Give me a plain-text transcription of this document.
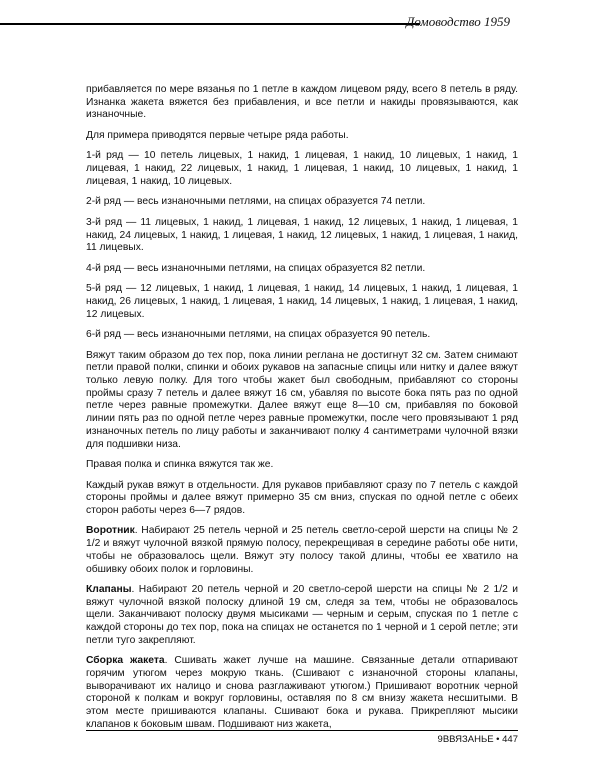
Домоводство 1959

прибавляется по мере вязанья по 1 петле в каждом лицевом ряду, всего 8 петель в ряду. Изнанка жакета вяжется без прибавления, и все петли и накиды провязываются, как изнаночные.

Для примера приводятся первые четыре ряда работы.

1-й ряд — 10 петель лицевых, 1 накид, 1 лицевая, 1 накид, 10 лицевых, 1 накид, 1 лицевая, 1 накид, 22 лицевых, 1 накид, 1 лицевая, 1 накид, 10 лицевых, 1 накид, 1 лицевая, 1 накид, 10 лицевых.

2-й ряд — весь изнаночными петлями, на спицах образуется 74 петли.

3-й ряд — 11 лицевых, 1 накид, 1 лицевая, 1 накид, 12 лицевых, 1 накид, 1 лицевая, 1 накид, 24 лицевых, 1 накид, 1 лицевая, 1 накид, 12 лицевых, 1 накид, 1 лицевая, 1 накид, 11 лицевых.

4-й ряд — весь изнаночными петлями, на спицах образуется 82 петли.

5-й ряд — 12 лицевых, 1 накид, 1 лицевая, 1 накид, 14 лицевых, 1 накид, 1 лицевая, 1 накид, 26 лицевых, 1 накид, 1 лицевая, 1 накид, 14 лицевых, 1 накид, 1 лицевая, 1 накид, 12 лицевых.

6-й ряд — весь изнаночными петлями, на спицах образуется 90 петель.

Вяжут таким образом до тех пор, пока линии реглана не достигнут 32 см. Затем снимают петли правой полки, спинки и обоих рукавов на запасные спицы или нитку и далее вяжут только левую полку. Для того чтобы жакет был свободным, прибавляют со стороны проймы сразу 7 петель и далее вяжут 16 см, убавляя по высоте бока пять раз по одной петле через равные промежутки. Далее вяжут еще 8—10 см, прибавляя по боковой линии пять раз по одной петле через равные промежутки, после чего провязывают 1 ряд изнаночных петель по лицу работы и заканчивают полку 4 сантиметрами чулочной вязки для подшивки низа.

Правая полка и спинка вяжутся так же.

Каждый рукав вяжут в отдельности. Для рукавов прибавляют сразу по 7 петель с каждой стороны проймы и далее вяжут примерно 35 см вниз, спуская по одной петле с обеих сторон работы через 6—7 рядов.

Воротник. Набирают 25 петель черной и 25 петель светло-серой шерсти на спицы № 2 1/2 и вяжут чулочной вязкой прямую полосу, перекрещивая в середине работы обе нити, чтобы не образовалось щели. Вяжут эту полосу такой длины, чтобы ее хватило на обшивку обоих полок и горловины.

Клапаны. Набирают 20 петель черной и 20 светло-серой шерсти на спицы № 2 1/2 и вяжут чулочной вязкой полоску длиной 19 см, следя за тем, чтобы не образовалось щели. Заканчивают полоску двумя мысиками — черным и серым, спуская по 1 петле с каждой стороны до тех пор, пока на спицах не останется по 1 черной и 1 серой петле; эти петли туго закрепляют.

Сборка жакета. Сшивать жакет лучше на машине. Связанные детали отпаривают горячим утюгом через мокрую ткань. (Сшивают с изнаночной стороны клапаны, выворачивают их налицо и снова разглаживают утюгом.) Пришивают воротник черной стороной к полкам и вокруг горловины, оставляя по 8 см внизу жакета несшитыми. В этом месте пришиваются клапаны. Сшивают бока и рукава. Прикрепляют мысики клапанов к боковым швам. Подшивают низ жакета,

9ВВЯЗАНЬЕ • 447
